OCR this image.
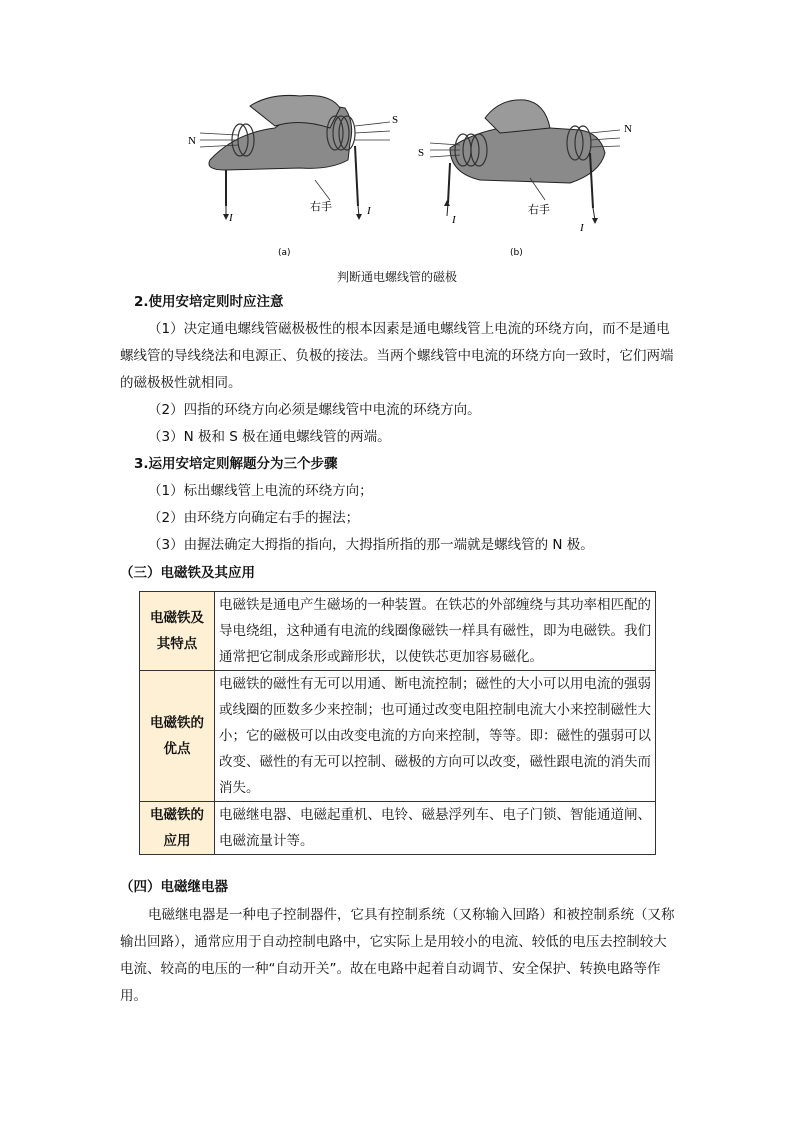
N
S
I
I
右手
(a)
S
N
I
I
右手
(b)
判断通电螺线管的磁极
2.使用安培定则时应注意
（1）决定通电螺线管磁极极性的根本因素是通电螺线管上电流的环绕方向，而不是通电螺线管的导线绕法和电源正、负极的接法。当两个螺线管中电流的环绕方向一致时，它们两端的磁极极性就相同。
（2）四指的环绕方向必须是螺线管中电流的环绕方向。
（3）N 极和 S 极在通电螺线管的两端。
3.运用安培定则解题分为三个步骤
（1）标出螺线管上电流的环绕方向；
（2）由环绕方向确定右手的握法；
（3）由握法确定大拇指的指向，大拇指所指的那一端就是螺线管的 N 极。
（三）电磁铁及其应用
电磁铁及其特点	电磁铁是通电产生磁场的一种装置。在铁芯的外部缠绕与其功率相匹配的导电绕组，这种通有电流的线圈像磁铁一样具有磁性，即为电磁铁。我们通常把它制成条形或蹄形状，以使铁芯更加容易磁化。
电磁铁的优点	电磁铁的磁性有无可以用通、断电流控制；磁性的大小可以用电流的强弱或线圈的匝数多少来控制；也可通过改变电阻控制电流大小来控制磁性大小；它的磁极可以由改变电流的方向来控制，等等。即：磁性的强弱可以改变、磁性的有无可以控制、磁极的方向可以改变，磁性跟电流的消失而消失。
电磁铁的应用	电磁继电器、电磁起重机、电铃、磁悬浮列车、电子门锁、智能通道闸、电磁流量计等。
（四）电磁继电器
电磁继电器是一种电子控制器件，它具有控制系统（又称输入回路）和被控制系统（又称输出回路），通常应用于自动控制电路中，它实际上是用较小的电流、较低的电压去控制较大电流、较高的电压的一种“自动开关”。故在电路中起着自动调节、安全保护、转换电路等作用。
